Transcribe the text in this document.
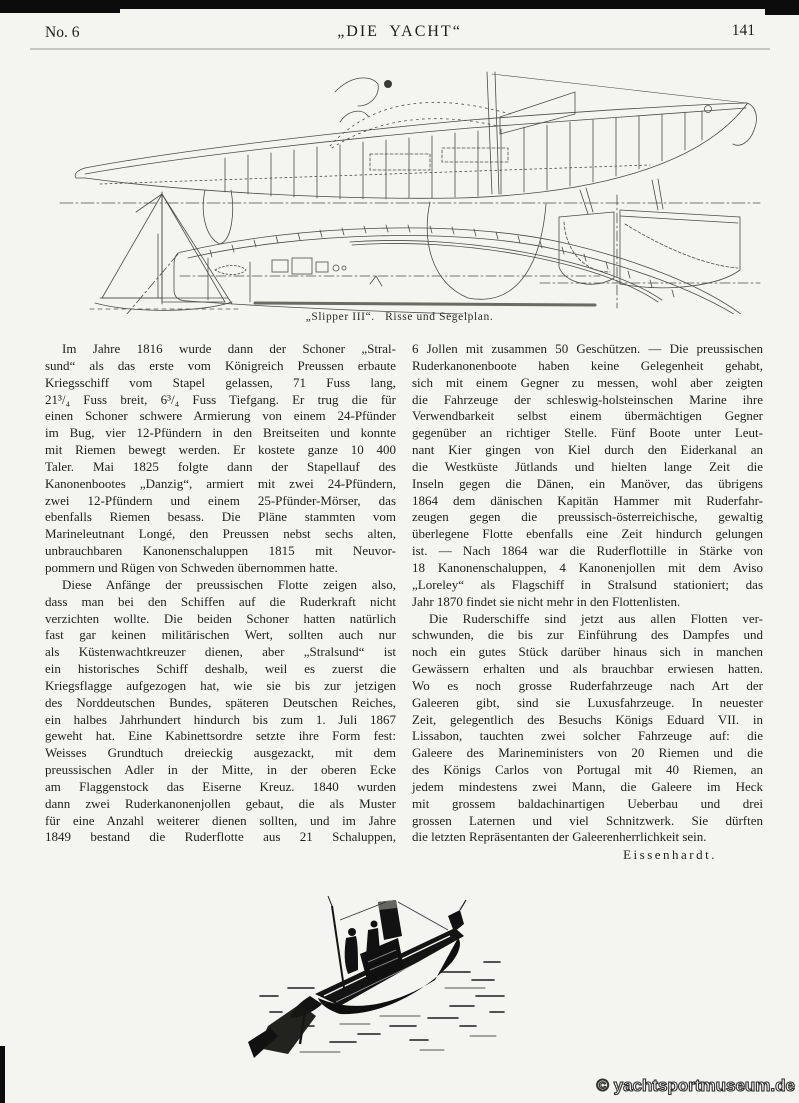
No. 6	„DIE YACHT“	141
„Slipper III“.   Risse und Segelplan.
Im Jahre 1816 wurde dann der Schoner „Stral-
sund“ als das erste vom Königreich Preussen erbaute
Kriegsschiff vom Stapel gelassen, 71 Fuss lang,
21³/₄ Fuss breit, 6³/₄ Fuss Tiefgang. Er trug die für
einen Schoner schwere Armierung von einem 24-Pfünder
im Bug, vier 12-Pfündern in den Breitseiten und konnte
mit Riemen bewegt werden. Er kostete ganze 10 400
Taler. Mai 1825 folgte dann der Stapellauf des
Kanonenbootes „Danzig“, armiert mit zwei 24-Pfündern,
zwei 12-Pfündern und einem 25-Pfünder-Mörser, das
ebenfalls Riemen besass. Die Pläne stammten vom
Marineleutnant Longé, den Preussen nebst sechs alten,
unbrauchbaren Kanonenschaluppen 1815 mit Neuvor-
pommern und Rügen von Schweden übernommen hatte.
Diese Anfänge der preussischen Flotte zeigen also,
dass man bei den Schiffen auf die Ruderkraft nicht
verzichten wollte. Die beiden Schoner hatten natürlich
fast gar keinen militärischen Wert, sollten auch nur
als Küstenwachtkreuzer dienen, aber „Stralsund“ ist
ein historisches Schiff deshalb, weil es zuerst die
Kriegsflagge aufgezogen hat, wie sie bis zur jetzigen
des Norddeutschen Bundes, späteren Deutschen Reiches,
ein halbes Jahrhundert hindurch bis zum 1. Juli 1867
geweht hat. Eine Kabinettsordre setzte ihre Form fest:
Weisses Grundtuch dreieckig ausgezackt, mit dem
preussischen Adler in der Mitte, in der oberen Ecke
am Flaggenstock das Eiserne Kreuz. 1840 wurden
dann zwei Ruderkanonenjollen gebaut, die als Muster
für eine Anzahl weiterer dienen sollten, und im Jahre
1849 bestand die Ruderflotte aus 21 Schaluppen,
6 Jollen mit zusammen 50 Geschützen. — Die preussischen
Ruderkanonenboote haben keine Gelegenheit gehabt,
sich mit einem Gegner zu messen, wohl aber zeigten
die Fahrzeuge der schleswig-holsteinschen Marine ihre
Verwendbarkeit selbst einem übermächtigen Gegner
gegenüber an richtiger Stelle. Fünf Boote unter Leut-
nant Kier gingen von Kiel durch den Eiderkanal an
die Westküste Jütlands und hielten lange Zeit die
Inseln gegen die Dänen, ein Manöver, das übrigens
1864 dem dänischen Kapitän Hammer mit Ruderfahr-
zeugen gegen die preussisch-österreichische, gewaltig
überlegene Flotte ebenfalls eine Zeit hindurch gelungen
ist. — Nach 1864 war die Ruderflottille in Stärke von
18 Kanonenschaluppen, 4 Kanonenjollen mit dem Aviso
„Loreley“ als Flagschiff in Stralsund stationiert; das
Jahr 1870 findet sie nicht mehr in den Flottenlisten.
Die Ruderschiffe sind jetzt aus allen Flotten ver-
schwunden, die bis zur Einführung des Dampfes und
noch ein gutes Stück darüber hinaus sich in manchen
Gewässern erhalten und als brauchbar erwiesen hatten.
Wo es noch grosse Ruderfahrzeuge nach Art der
Galeeren gibt, sind sie Luxusfahrzeuge. In neuester
Zeit, gelegentlich des Besuchs Königs Eduard VII. in
Lissabon, tauchten zwei solcher Fahrzeuge auf: die
Galeere des Marineministers von 20 Riemen und die
des Königs Carlos von Portugal mit 40 Riemen, an
jedem mindestens zwei Mann, die Galeere im Heck
mit grossem baldachinartigen Ueberbau und drei
grossen Laternen und viel Schnitzwerk. Sie dürften
die letzten Repräsentanten der Galeerenherrlichkeit sein.
Eissenhardt.
© yachtsportmuseum.de
